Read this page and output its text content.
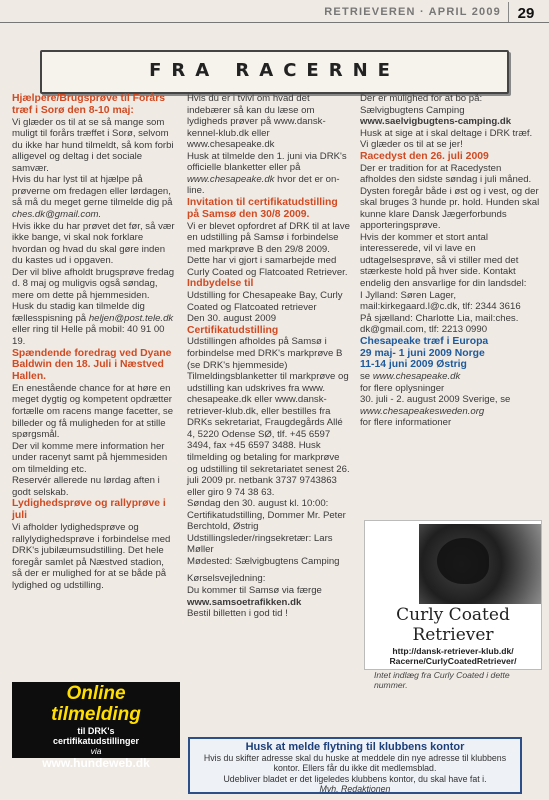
RETRIEVEREN · APRIL 2009	29
FRA RACERNE

Hjælpere/Brugsprøve til Forårs træf i Sorø den 8-10 maj:

Vi glæder os til at se så mange som muligt til forårs træffet i Sorø, selvom du ikke har hund tilmeldt, så kom forbi alligevel og deltag i det sociale samvær.

Hvis du har lyst til at hjælpe på prøverne om fredagen eller lørdagen, så må du meget gerne tilmelde dig på ches.dk@gmail.com.

Hvis ikke du har prøvet det før, så vær ikke bange, vi skal nok forklare hvordan og hvad du skal gøre inden du kastes ud i opgaven.

Der vil blive afholdt brugsprøve fredag d. 8 maj og muligvis også søndag, mere om dette på hjemmesiden.

Husk du stadig kan tilmelde dig fællesspisning på heljen@post.tele.dk eller ring til Helle på mobil: 40 91 00 19.

Spændende foredrag ved Dyane Baldwin den 18. Juli i Næstved Hallen.

En enestående chance for at høre en meget dygtig og kompetent opdrætter fortælle om racens mange facetter, se billeder og få muligheden for at stille spørgsmål.

Der vil komme mere information her under racenyt samt på hjemmesiden om tilmelding etc.

Reservér allerede nu lørdag aften i godt selskab.

Lydighedsprøve og rallyprøve i juli

Vi afholder lydighedsprøve og rallylydighedsprøve i forbindelse med DRK's jubilæumsudstilling. Det hele foregår samlet på Næstved stadion, så der er mulighed for at se både på lydighed og udstilling.

Hvis du er i tvivl om hvad det indebærer så kan du læse om lydigheds prøver på www.dansk-kennel-klub.dk eller www.chesapeake.dk

Husk at tilmelde den 1. juni via DRK's officielle blanketter eller på www.chesapeake.dk hvor det er on-line.

Invitation til certifikatudstilling på Samsø den 30/8 2009.

Vi er blevet opfordret af DRK til at lave en udstilling på Samsø i forbindelse med markprøve B den 29/8 2009.

Dette har vi gjort i samarbejde med Curly Coated og Flatcoated Retriever.

Indbydelse til

Udstilling for Chesapeake Bay, Curly Coated og Flatcoated retriever

Den 30. august 2009

Certifikatudstilling

Udstillingen afholdes på Samsø i forbindelse med DRK's markprøve B (se DRK's hjemmeside)

Tilmeldingsblanketter til markprøve og udstilling kan udskrives fra www. chesapeake.dk eller www.dansk-retriever-klub.dk, eller bestilles fra DRKs sekretariat, Fraugdegårds Allé 4, 5220 Odense SØ, tlf. +45 6597 3494, fax +45 6597 3488. Husk tilmelding og betaling for markprøve og udstilling til sekretariatet senest 26. juli 2009 pr. netbank 3737 9743863 eller giro 9 74 38 63.

Søndag den 30. august kl. 10:00: Certifikatudstilling, Dommer Mr. Peter Berchtold, Østrig

Udstillingsleder/ringsekretær: Lars Møller

Mødested: Sælvigbugtens Camping

Kørselsvejledning:

Du kommer til Samsø via færge

www.samsoetrafikken.dk

Bestil billetten i god tid !

Der er mulighed for at bo på:

Sælvigbugtens Camping

www.saelvigbugtens-camping.dk

Husk at sige at i skal deltage i DRK træf.

Vi glæder os til at se jer!

Racedyst den 26. juli 2009

Der er tradition for at Racedysten afholdes den sidste søndag i juli måned. Dysten foregår både i øst og i vest, og der skal bruges 3 hunde pr. hold. Hunden skal kunne klare Dansk Jægerforbunds apporteringsprøve.

Hvis der kommer et stort antal interesserede, vil vi lave en udtagelsesprøve, så vi stiller med det stærkeste hold på hver side. Kontakt endelig den ansvarlige for din landsdel:

I Jylland: Søren Lager, mail:kirkegaard.l@c.dk, tlf: 2344 3616

På sjælland: Charlotte Lia, mail:ches. dk@gmail.com, tlf: 2213 0990

Chesapeake træf i Europa

29 maj- 1 juni 2009 Norge

11-14 juni 2009 Østrig

se www.chesapeake.dk

for flere oplysninger

30. juli - 2. august 2009 Sverige, se

www.chesapeakesweden.org

for flere informationer

Curly Coated
Retriever
http://dansk-retriever-klub.dk/
Racerne/CurlyCoatedRetriever/
Intet indlæg fra Curly Coated i dette nummer.
Online
tilmelding
til DRK's
certifikatudstillinger
via
www.hundeweb.dk
Husk at melde flytning til klubbens kontor
Hvis du skifter adresse skal du huske at meddele din nye adresse til klubbens kontor. Ellers får du ikke dit medlemsblad.
Udebliver bladet er det ligeledes klubbens kontor, du skal have fat i.
Mvh. Redaktionen
